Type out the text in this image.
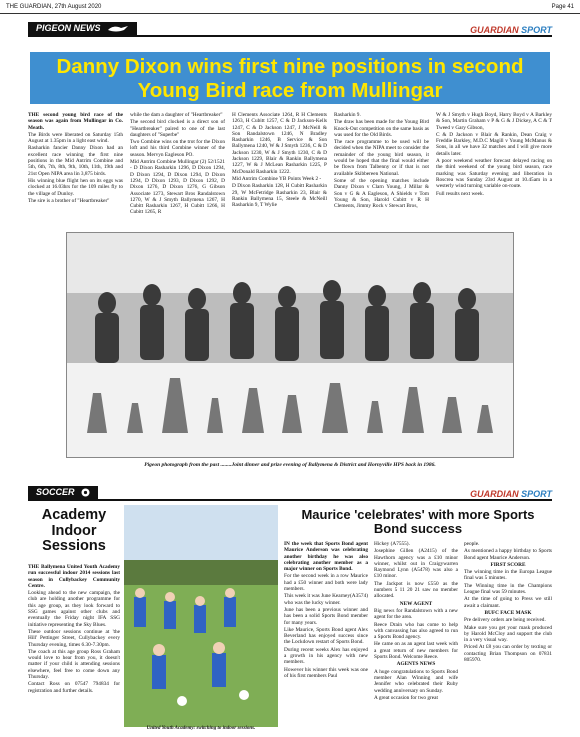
THE GUARDIAN, 27th August 2020	Page 41
PIGEON NEWS	GUARDIAN SPORT
Danny Dixon wins first nine positions in second Young Bird race from Mullingar

THE second young bird race of the season was again from Mullingar in Co. Meath.

The Birds were liberated on Saturday 15th August at 1.35pm in a light east wind.

Rasharkin fancier Danny Dixon had an excellent race winning the first nine positions in the Mid Antrim Combine and 5th, 6th, 7th, 8th, 9th, 10th, 11th, 19th and 21st Open NIPA area lin 3,875 birds.

His winning blue flight hen on its eggs was clocked at 16.03hrs for the 109 miles fly to the village of Dunloy.

The sire is a brother of "Heartbreaker"

while the dam a daughter of "Heartbreaker"

The second bird clocked is a direct son of "Heartbreaker" paired to one of the last daughters of "Superbe"

Two Combine wins on the trot for the Dixon loft and his third Combine winner of the season. Mervyn Eagleson PO.

Mid Antrim Combine Mullingar (2) 52/1521 - D Dixon Rasharkin 1296, D Dixon 1294, D Dixon 1294, D Dixon 1294, D Dixon 1294, D Dixon 1293, D Dixon 1292, D Dixon 1276, D Dixon 1276, G Gibson Associate 1273, Stewart Bros Randalstown 1270, W & J Smyth Ballymena 1267, H Cubitt Rasharkin 1267, H Cubitt 1266, H Cubitt 1265, R

H Clements Associate 1264, R H Clements 1263, H Cubitt 1257, C & D Jackson-Kells 1247, C & D Jackson 1247, J McNeill & Son Randalstown 1246, N Bradley Rasharkin 1246, B Service & Son Ballymena 1240, W & J Smyth 1236, C & D Jackson 1230, W & J Smyth 1230, C & D Jackson 1229, Blair & Rankin Ballymena 1227, W & J McLean Rasharkin 1225, P McDonald Rasharkin 1222.

Mid Antrim Combine YB Points Week 2 -

D Dixon Rasharkin 128, H Cubitt Rasharkin 29, W McFetridge Rasharkin 23, Blair & Rankin Ballymena 15, Steele & McNeill Rasharkin 9, T Wylie

Rasharkin 9.

The draw has been made for the Young Bird Knock-Out competition on the same basis as was used for the Old Birds.

The race programme to be used will be decided when the NIPA meet to consider the remainder of the young bird season, it would be hoped that the final would either be flown from Talbenny or if that is not available Skibbereen National.

Some of the opening matches include Danny Dixon v Clarn Young, J Millar & Son v G & A Eagleson, A Shields v Tom Young & Son, Harold Cubitt v R H Clements, Jimmy Rock v Stewart Bros,

W & J Smyth v Hugh Boyd, Harry Boyd v A Barkley & Son, Martin Graham v P & G & J Dickey, A C & T Tweed v Gary Gibson,

C & D Jackson v Blair & Rankin, Dean Craig v Freddie Barkley, M.D.C Magill v Young McManus & Sons, in all we have 32 matches and I will give more details later.

A poor weekend weather forecast delayed racing on the third weekend of the young bird season, race marking was Saturday evening and liberation in Roscrea was Sunday 23rd August at 10.45am in a westerly wind turning variable on-route.

Full results next week.

Pigeon photograph from the past ........Joint dinner and prize evening of Ballymena & District and Hornyville HPS back in 1986.
SOCCER	GUARDIAN SPORT
Academy Indoor Sessions

THE Ballymena United Youth Academy run successful indoor 2014 sessions last season in Cullybackey Community Centre.

Looking ahead to the new campaign, the club are holding another programme for this age group, as they look forward to SSG games against other clubs and eventually the Friday night IFA SSG initiative representing the Sky Blues.

These outdoor sessions continue at 'the Hill' Pettinger Street, Cullybackey every Thursday evening, times 6.30-7.30pm.

The coach at this age group Ross Graham would love to hear from you, it doesn't matter if your child is attending sessions elsewhere, feel free to come down any Thursday.

Contact Ross on 07547 794834 for registration and further details.

United Youth Academy: switching to indoor sessions.
Maurice 'celebrates' with more Sports Bond success

IN the week that Sports Bond agent Maurice Anderson was celebrating another birthday he was also celebrating another member as a major winner on Sports Bond.

For the second week in a row Maurice had a £50 winner and both were lady members.

This week it was June Kearney(A3574) who was the lucky winner.

June has been a previous winner and has been a solid Sports Bond member for many years.

Like Maurice, Sports Bond agent Alex Beverland has enjoyed success since the Lockdown restart of Sports Bond.

During recent weeks Alex has enjoyed a growth in his agency with new members.

However his winner this week was one of his first members Paul

Hickey (A7555).

Josephine Gillen (A2415) of the Hawthorn agency was a £10 minor winner, whilst out in Craigywarren Raymond Lynn (A5478) was also a £10 minor.

The Jackpot is now £550 as the numbers 5 11 20 21 saw no member allocated.

NEW AGENT

Big news for Randalstown with a new agent for the area.

Reece Drain who has come to help with canvassing has also agreed to run a Sports Bond agency.

He came on as an agent last week with a great return of new members for Sports Bond. Welcome Reece.

AGENTS NEWS

A huge congratulations to Sports Bond member Alan Winning and wife Jennifer who celebrated their Ruby wedding anniversary on Sunday.

A great occasion for two great

people.

As mentioned a happy birthday to Sports Bond agent Maurice Anderson.

FIRST SCORE

The winning time in the Europa League final was 5 minutes.

The Winning time in the Champions League final was 59 minutes.

At the time of going to Press we still await a claimant.

BUFC FACE MASK

Pre delivery orders are being received.

Make sure you get your mask produced by Harold McCloy and support the club in a very visual way.

Priced At £8 you can order by texting or contacting Brian Thompson on 07831 805970.
